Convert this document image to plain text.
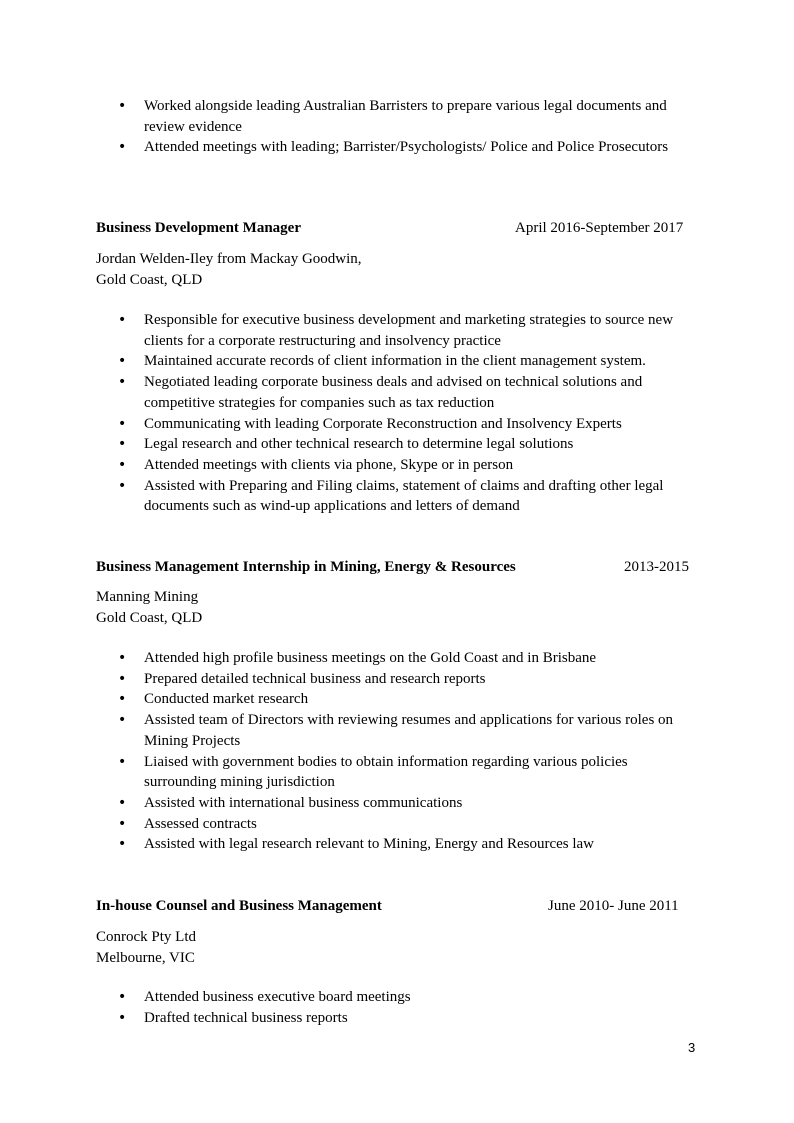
• Worked alongside leading Australian Barristers to prepare various legal documents and review evidence
• Attended meetings with leading; Barrister/Psychologists/ Police and Police Prosecutors
Business Development Manager	April 2016-September 2017
Jordan Welden-Iley from Mackay Goodwin,
Gold Coast, QLD
• Responsible for executive business development and marketing strategies to source new clients for a corporate restructuring and insolvency practice
• Maintained accurate records of client information in the client management system.
• Negotiated leading corporate business deals and advised on technical solutions and competitive strategies for companies such as tax reduction
• Communicating with leading Corporate Reconstruction and Insolvency Experts
• Legal research and other technical research to determine legal solutions
• Attended meetings with clients via phone, Skype or in person
• Assisted with Preparing and Filing claims, statement of claims and drafting other legal documents such as wind-up applications and letters of demand
Business Management Internship in Mining, Energy & Resources	2013-2015
Manning Mining
Gold Coast, QLD
• Attended high profile business meetings on the Gold Coast and in Brisbane
• Prepared detailed technical business and research reports
• Conducted market research
• Assisted team of Directors with reviewing resumes and applications for various roles on Mining Projects
• Liaised with government bodies to obtain information regarding various policies surrounding mining jurisdiction
• Assisted with international business communications
• Assessed contracts
• Assisted with legal research relevant to Mining, Energy and Resources law
In-house Counsel and Business Management	June 2010- June 2011
Conrock Pty Ltd
Melbourne, VIC
• Attended business executive board meetings
• Drafted technical business reports
3
